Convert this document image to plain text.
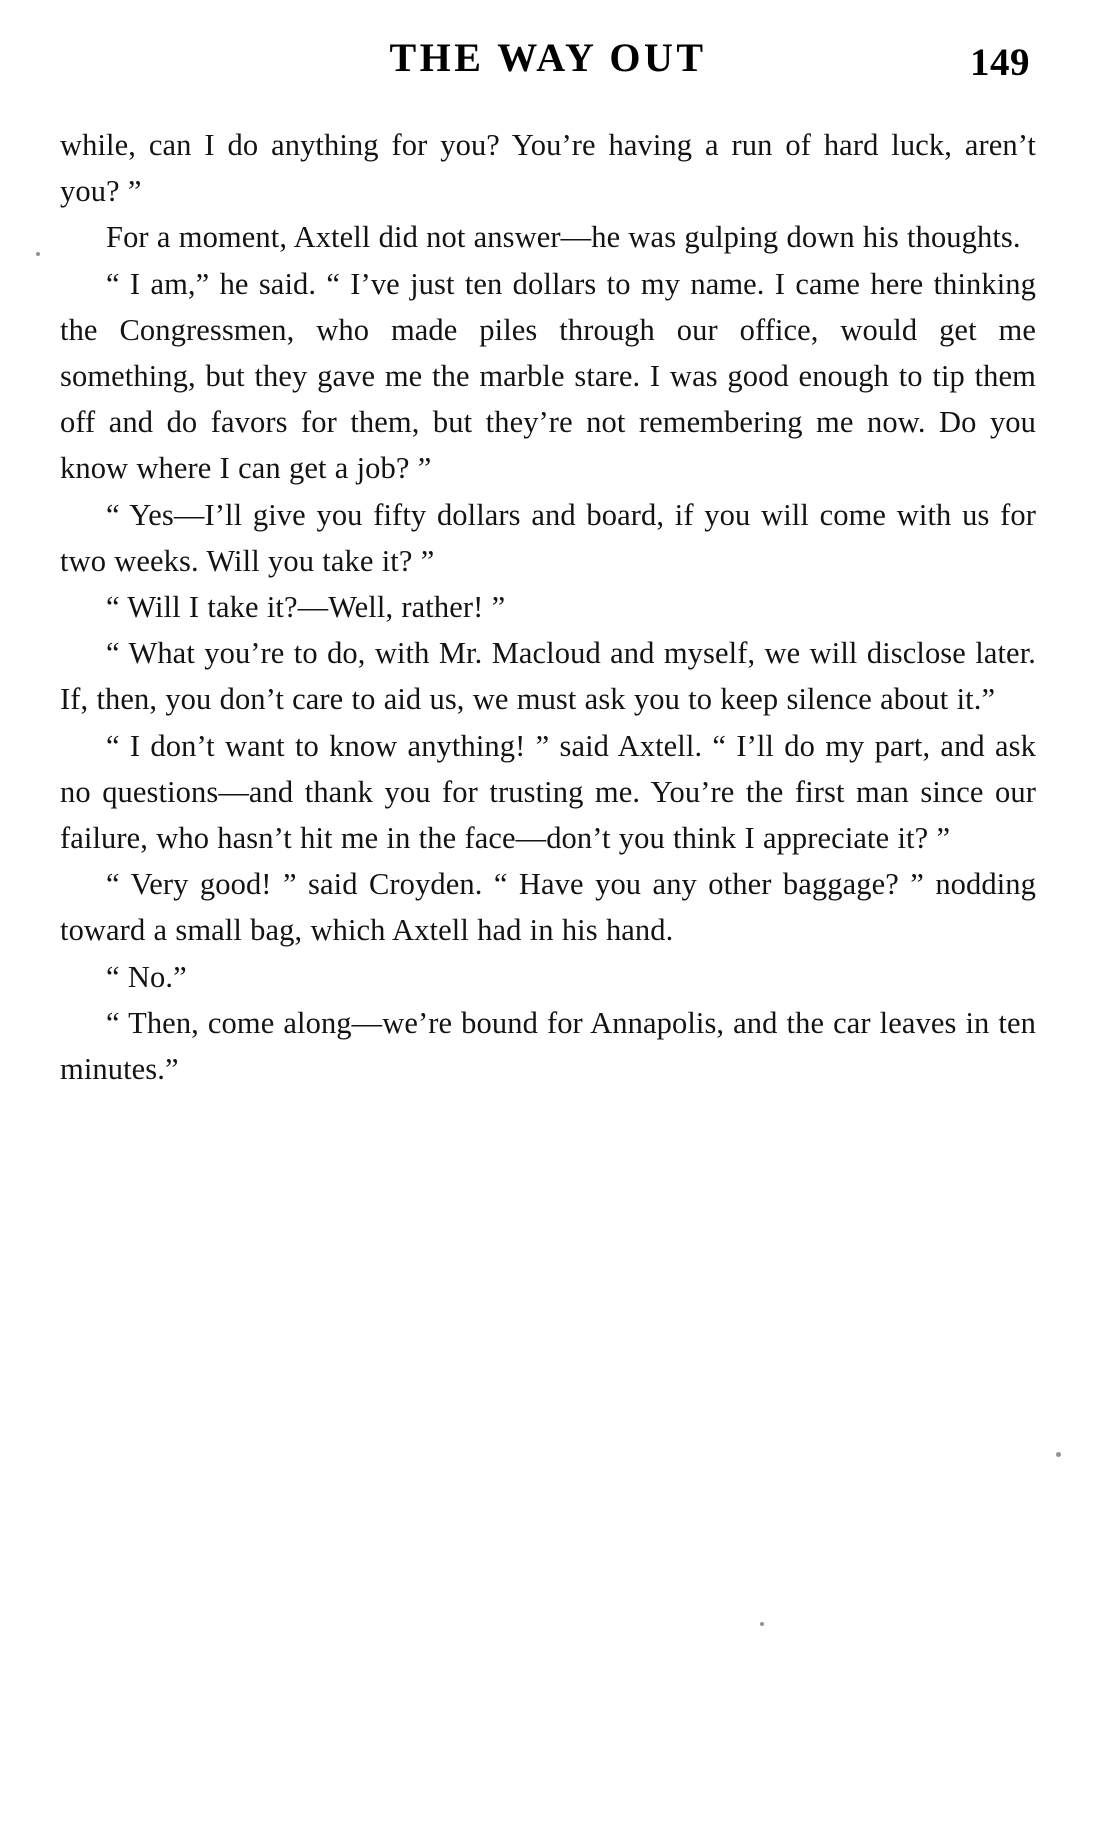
THE WAY OUT	149

while, can I do anything for you? You’re having a run of hard luck, aren’t you? ”

For a moment, Axtell did not answer—he was gulping down his thoughts.

“ I am,” he said. “ I’ve just ten dollars to my name. I came here thinking the Congressmen, who made piles through our office, would get me something, but they gave me the marble stare. I was good enough to tip them off and do favors for them, but they’re not remembering me now. Do you know where I can get a job? ”

“ Yes—I’ll give you fifty dollars and board, if you will come with us for two weeks. Will you take it? ”

“ Will I take it?—Well, rather! ”

“ What you’re to do, with Mr. Macloud and myself, we will disclose later. If, then, you don’t care to aid us, we must ask you to keep silence about it.”

“ I don’t want to know anything! ” said Axtell. “ I’ll do my part, and ask no questions—and thank you for trusting me. You’re the first man since our failure, who hasn’t hit me in the face—don’t you think I appreciate it? ”

“ Very good! ” said Croyden. “ Have you any other baggage? ” nodding toward a small bag, which Axtell had in his hand.

“ No.”

“ Then, come along—we’re bound for Annapolis, and the car leaves in ten minutes.”
